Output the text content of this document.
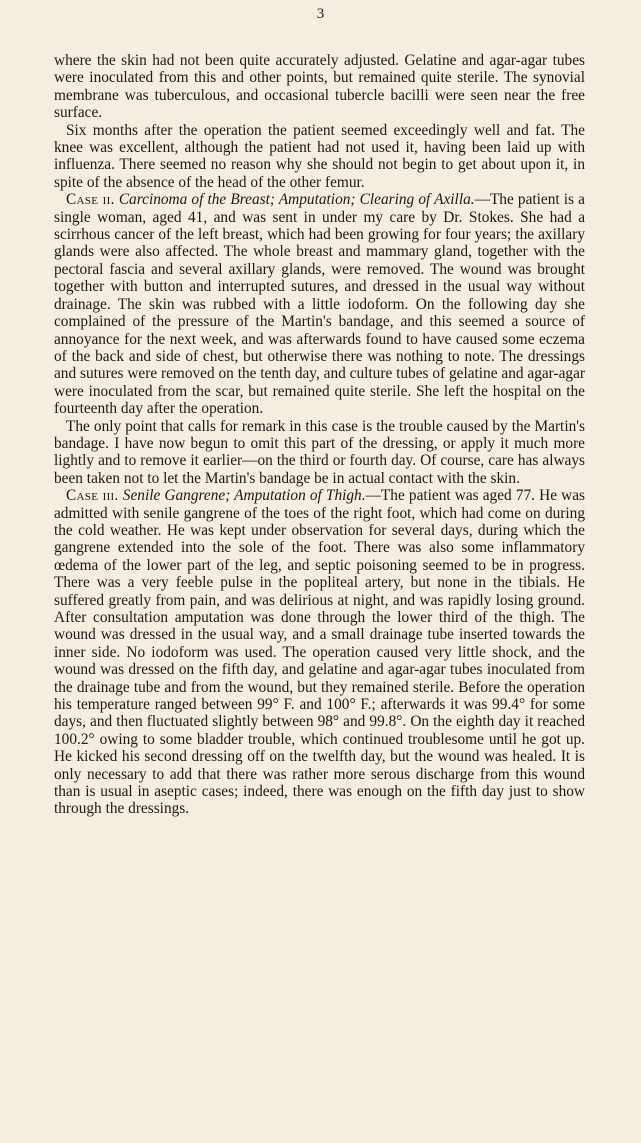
3

where the skin had not been quite accurately adjusted. Gelatine and agar-agar tubes were inoculated from this and other points, but remained quite sterile. The synovial membrane was tuberculous, and occasional tubercle bacilli were seen near the free surface.

Six months after the operation the patient seemed exceedingly well and fat. The knee was excellent, although the patient had not used it, having been laid up with influenza. There seemed no reason why she should not begin to get about upon it, in spite of the absence of the head of the other femur.

Case ii. Carcinoma of the Breast; Amputation; Clearing of Axilla.—The patient is a single woman, aged 41, and was sent in under my care by Dr. Stokes. She had a scirrhous cancer of the left breast, which had been growing for four years; the axillary glands were also affected. The whole breast and mammary gland, together with the pectoral fascia and several axillary glands, were removed. The wound was brought together with button and interrupted sutures, and dressed in the usual way without drainage. The skin was rubbed with a little iodoform. On the following day she complained of the pressure of the Martin's bandage, and this seemed a source of annoyance for the next week, and was afterwards found to have caused some eczema of the back and side of chest, but otherwise there was nothing to note. The dressings and sutures were removed on the tenth day, and culture tubes of gelatine and agar-agar were inoculated from the scar, but remained quite sterile. She left the hospital on the fourteenth day after the operation.

The only point that calls for remark in this case is the trouble caused by the Martin's bandage. I have now begun to omit this part of the dressing, or apply it much more lightly and to remove it earlier—on the third or fourth day. Of course, care has always been taken not to let the Martin's bandage be in actual contact with the skin.

Case iii. Senile Gangrene; Amputation of Thigh.—The patient was aged 77. He was admitted with senile gangrene of the toes of the right foot, which had come on during the cold weather. He was kept under observation for several days, during which the gangrene extended into the sole of the foot. There was also some inflammatory œdema of the lower part of the leg, and septic poisoning seemed to be in progress. There was a very feeble pulse in the popliteal artery, but none in the tibials. He suffered greatly from pain, and was delirious at night, and was rapidly losing ground. After consultation amputation was done through the lower third of the thigh. The wound was dressed in the usual way, and a small drainage tube inserted towards the inner side. No iodoform was used. The operation caused very little shock, and the wound was dressed on the fifth day, and gelatine and agar-agar tubes inoculated from the drainage tube and from the wound, but they remained sterile. Before the operation his temperature ranged between 99° F. and 100° F.; afterwards it was 99.4° for some days, and then fluctuated slightly between 98° and 99.8°. On the eighth day it reached 100.2° owing to some bladder trouble, which continued troublesome until he got up. He kicked his second dressing off on the twelfth day, but the wound was healed. It is only necessary to add that there was rather more serous discharge from this wound than is usual in aseptic cases; indeed, there was enough on the fifth day just to show through the dressings.
